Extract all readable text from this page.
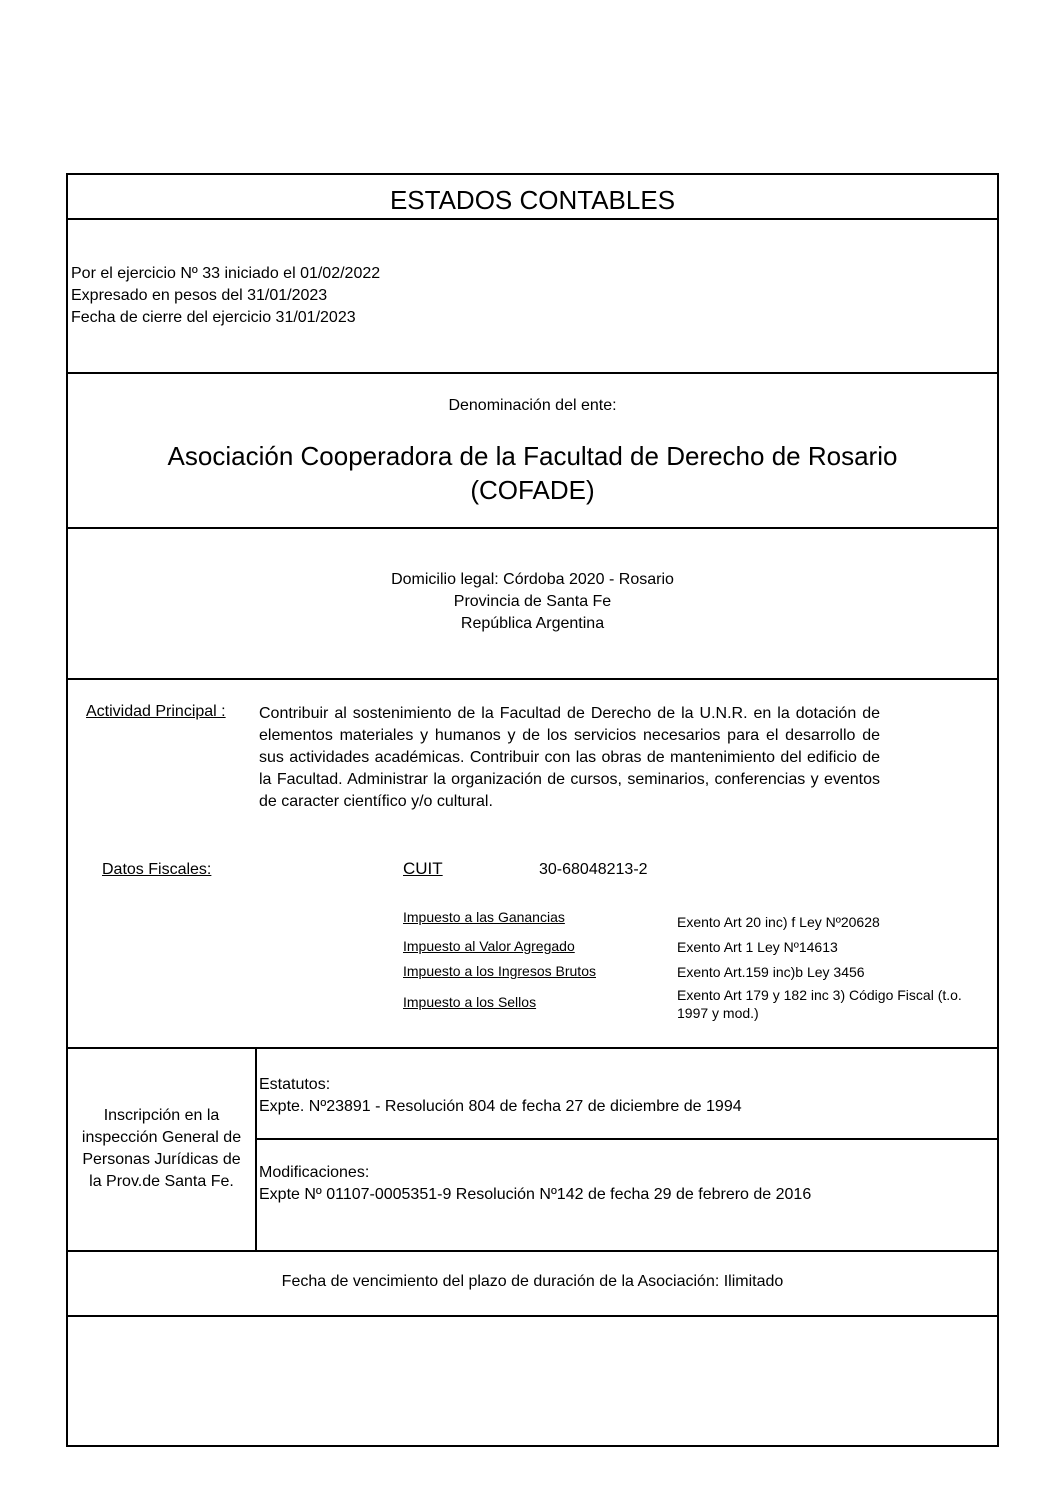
ESTADOS CONTABLES
Por el ejercicio Nº 33 iniciado el 01/02/2022
Expresado en pesos del 31/01/2023
Fecha de cierre del ejercicio 31/01/2023
Denominación del ente:
Asociación Cooperadora de la Facultad de Derecho de Rosario
(COFADE)
Domicilio legal: Córdoba 2020 - Rosario
Provincia de Santa Fe
República Argentina
Actividad Principal : Contribuir al sostenimiento de la Facultad de Derecho de la U.N.R. en la dotación de elementos materiales y humanos y de los servicios necesarios para el desarrollo de sus actividades académicas. Contribuir con las obras de mantenimiento del edificio de la Facultad. Administrar la organización de cursos, seminarios, conferencias y eventos de caracter científico y/o cultural.
Datos Fiscales:	CUIT	30-68048213-2
Impuesto a las Ganancias	Exento Art 20 inc) f Ley Nº20628
Impuesto al Valor Agregado	Exento Art 1 Ley Nº14613
Impuesto a los Ingresos Brutos	Exento Art.159 inc)b Ley 3456
Impuesto a los Sellos	Exento Art 179 y 182 inc 3) Código Fiscal (t.o. 1997 y mod.)
Inscripción en la
inspección General de
Personas Jurídicas de
la Prov.de Santa Fe.
Estatutos:
Expte. Nº23891 - Resolución 804 de fecha 27 de diciembre de 1994
Modificaciones:
Expte Nº 01107-0005351-9 Resolución Nº142 de fecha 29 de febrero de 2016
Fecha de vencimiento del plazo de duración de la Asociación: Ilimitado
